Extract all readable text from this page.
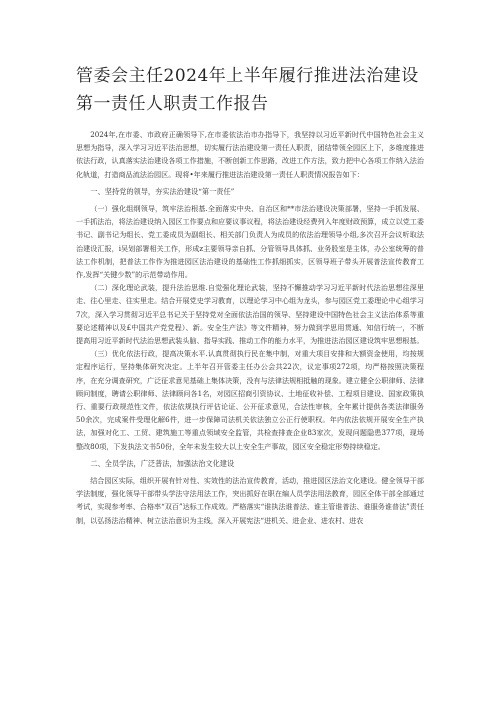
管委会主任2024年上半年履行推进法治建设第一责任人职责工作报告

2024年,在市委、市政府正确领导下,在市委依法治市办指导下，我坚持以习近平新时代中国特色社会主义思想为指导，深入学习习近平法治思想，切实履行法治建设第一责任人职责，团结带领全园区上下，多维度推进依法行政，认真落实法治建设各项工作措施，不断创新工作思路，改进工作方法，致力把中心各项工作纳入法治化轨道，打造商品流法治园区。现将•年来履行推进法治建设第一责任人职责情况报告如下：

一、坚持党的领导，夯实法治建设“第一责任”

（一）强化组纲领导，筑牢法治根基.全面落实中央、自治区和**市法治建设决策部署，坚持一手抓发展、一手抓法治，将法治建设纳入园区工作要点和应要议事议程，将法治建设经费列入年度财政预算，成立以党工委书记、副书记为组长、党工委成员为副组长、相关部门负责人为成员的依法治理领导小组,多次召开会议听取法治建设汇报，i吴划部署相关工作，形成z主要领导亲自抓、分管领导具体抓、业务股室是主体，办公室统筹的普法工作机制，把普法工作作为推进园区法治建设的基础性工作抓细抓实，区领导班子带头开展普法宣传教育工作,发挥“关键少数”的示范带动作用。

（二）深化理论武装，提升法治思维.自觉强化理论武装，坚持不懈推动学习习近平新时代法治思想往深里走、往心里走、往实里走。结合开展党史学习教育，以理论学习中心组为龙头，参与园区党工委理论中心组学习7次，深入学习贯彻习近平总书记关于坚持党对全面依法治国的领导、坚持建设中国特色社会主义法治体系等重要论述精神以及£中国共产党党程）、新。安全生产法》等文件精神，努力做到学思用贯通、知信行统一，不断提高用习近平新时代法治思想武装头脑、指导实践、推动工作的能力水平，为推进法治园区建设筑牢思想根基。

（三）优化依法行政，提高决策水平.认真贯彻执行民在集中制，对重大项目安排和大额资金使用，均按规定程序运行，坚持集体研究决定。上半年召开管委主任办公会共22次，议定事项272项，均严格按照决策程序，在充分调查研究，广泛征求意见基础上集体决策，没有与法律法规相抵触的现象。建立健全公职律师、法律顾问制度，聘请公职律师、法律顾问各1名，对园区招商引资协议、土地征收补偿、工程项目建设、国家政策执行、重要行政规范性文件，依法依规执行评估论证、公开征求意见，合法性审核，全年累计提供各类法律服务50余次，完成案件受理化解6件，进一步保障司法机关依法独立公正行使职权。年内依法依规开展安全生产执法，加强对化工、工贸、建筑施工等重点领域安全监管，共检查排查企业83家次，发现问题隐患377项，现场整改80项，下发执法文书50份，全年未发生较大以上安全生产事故，园区安全稳定形势持续稳定。

二、全员学法，广泛普法，加强法治文化建设

结合园区实际，组织开展有针对性、实效性的法治宣传教育，活动，推进园区法治文化建设。健全领导干部学法制度，强化领导干部带头学法守法用法工作，突出抓好在职在编人员学法用法教育，园区全体干部全部通过考试，实现参考率、合格率“双百”达标工作成效。严格落实“谁执法谁普法、谁主管谁普法、谁服务谁普法”责任制，以弘扬法治精神、树立法治意识为主线，深入开展宪法“进机关、进企业、进农村、进农
